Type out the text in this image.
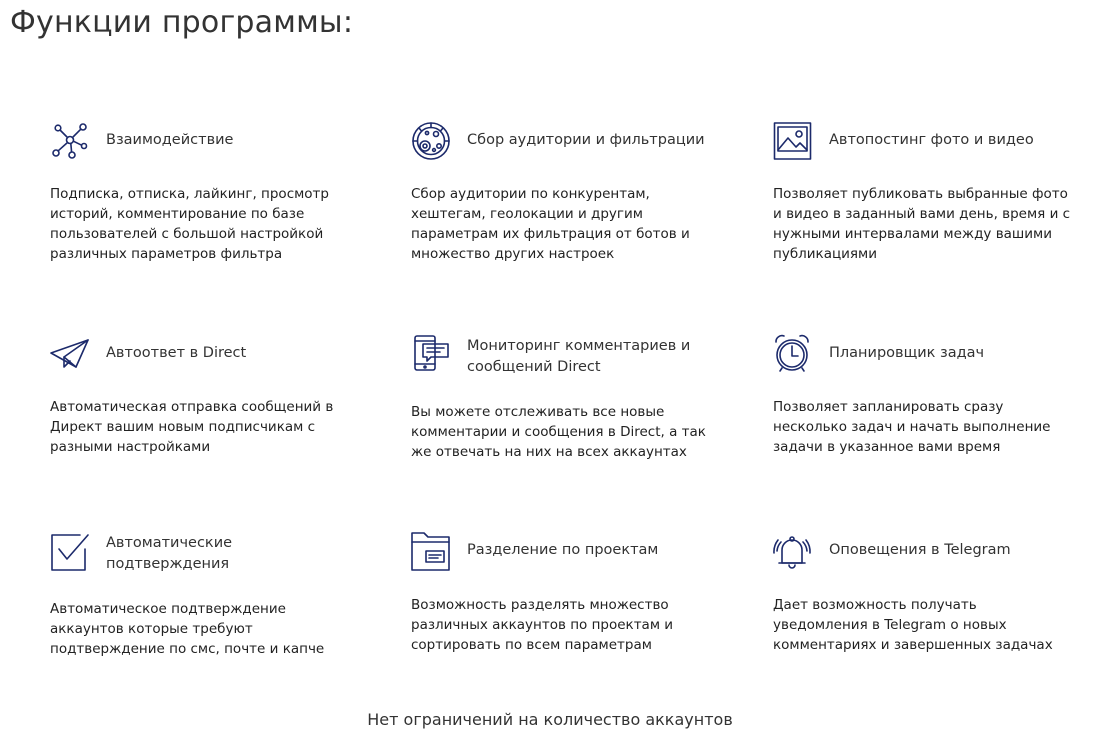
Функции программы:
Взаимодействие
Подписка, отписка, лайкинг, просмотр
историй, комментирование по базе
пользователей с большой настройкой
различных параметров фильтра
Сбор аудитории и фильтрации
Сбор аудитории по конкурентам,
хештегам, геолокации и другим
параметрам их фильтрация от ботов и
множество других настроек
Автопостинг фото и видео
Позволяет публиковать выбранные фото
и видео в заданный вами день, время и с
нужными интервалами между вашими
публикациями
Автоответ в Direct
Автоматическая отправка сообщений в
Директ вашим новым подписчикам с
разными настройками
Мониторинг комментариев и
сообщений Direct
Вы можете отслеживать все новые
комментарии и сообщения в Direct, а так
же отвечать на них на всех аккаунтах
Планировщик задач
Позволяет запланировать сразу
несколько задач и начать выполнение
задачи в указанное вами время
Автоматические
подтверждения
Автоматическое подтверждение
аккаунтов которые требуют
подтверждение по смс, почте и капче
Разделение по проектам
Возможность разделять множество
различных аккаунтов по проектам и
сортировать по всем параметрам
Оповещения в Telegram
Дает возможность получать
уведомления в Telegram о новых
комментариях и завершенных задачах
Нет ограничений на количество аккаунтов
